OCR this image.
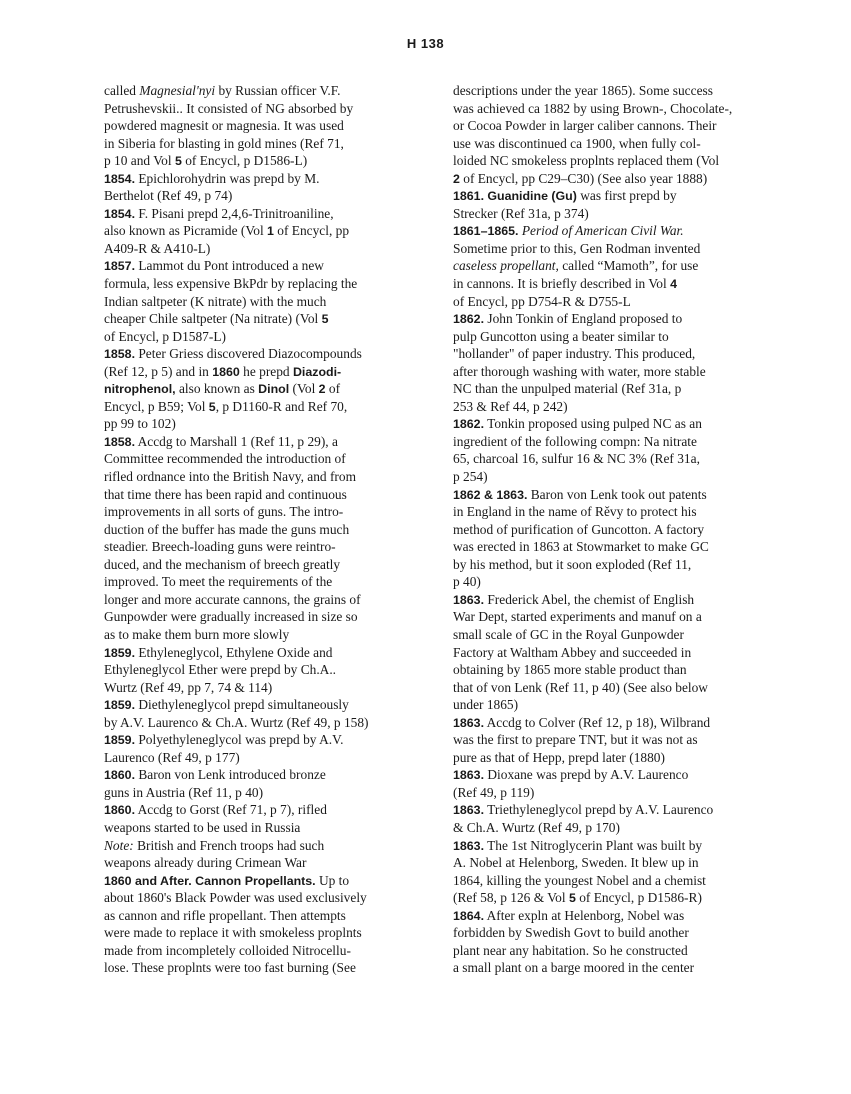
H 138
called Magnesial'nyi by Russian officer V.F.
Petrushevskii.. It consisted of NG absorbed by
powdered magnesit or magnesia. It was used
in Siberia for blasting in gold mines (Ref 71,
p 10 and Vol 5 of Encycl, p D1586-L)
1854. Epichlorohydrin was prepd by M.
Berthelot (Ref 49, p 74)
1854. F. Pisani prepd 2,4,6-Trinitroaniline,
also known as Picramide (Vol 1 of Encycl, pp
A409-R & A410-L)
1857. Lammot du Pont introduced a new
formula, less expensive BkPdr by replacing the
Indian saltpeter (K nitrate) with the much
cheaper Chile saltpeter (Na nitrate) (Vol 5
of Encycl, p D1587-L)
1858. Peter Griess discovered Diazocompounds
(Ref 12, p 5) and in 1860 he prepd Diazodi-
nitrophenol, also known as Dinol (Vol 2 of
Encycl, p B59; Vol 5, p D1160-R and Ref 70,
pp 99 to 102)
1858. Accdg to Marshall 1 (Ref 11, p 29), a
Committee recommended the introduction of
rifled ordnance into the British Navy, and from
that time there has been rapid and continuous
improvements in all sorts of guns. The intro-
duction of the buffer has made the guns much
steadier. Breech-loading guns were reintro-
duced, and the mechanism of breech greatly
improved. To meet the requirements of the
longer and more accurate cannons, the grains of
Gunpowder were gradually increased in size so
as to make them burn more slowly
1859. Ethyleneglycol, Ethylene Oxide and
Ethyleneglycol Ether were prepd by Ch.A..
Wurtz (Ref 49, pp 7, 74 & 114)
1859. Diethyleneglycol prepd simultaneously
by A.V. Laurenco & Ch.A. Wurtz (Ref 49, p 158)
1859. Polyethyleneglycol was prepd by A.V.
Laurenco (Ref 49, p 177)
1860. Baron von Lenk introduced bronze
guns in Austria (Ref 11, p 40)
1860. Accdg to Gorst (Ref 71, p 7), rifled
weapons started to be used in Russia
Note: British and French troops had such
weapons already during Crimean War
1860 and After. Cannon Propellants. Up to
about 1860's Black Powder was used exclusively
as cannon and rifle propellant. Then attempts
were made to replace it with smokeless proplnts
made from incompletely colloided Nitrocellu-
lose. These proplnts were too fast burning (See
descriptions under the year 1865). Some success
was achieved ca 1882 by using Brown-, Chocolate-,
or Cocoa Powder in larger caliber cannons. Their
use was discontinued ca 1900, when fully col-
loided NC smokeless proplnts replaced them (Vol
2 of Encycl, pp C29–C30) (See also year 1888)
1861. Guanidine (Gu) was first prepd by
Strecker (Ref 31a, p 374)
1861–1865. Period of American Civil War.
Sometime prior to this, Gen Rodman invented
caseless propellant, called “Mamoth”, for use
in cannons. It is briefly described in Vol 4
of Encycl, pp D754-R & D755-L
1862. John Tonkin of England proposed to
pulp Guncotton using a beater similar to
"hollander" of paper industry. This produced,
after thorough washing with water, more stable
NC than the unpulped material (Ref 31a, p
253 & Ref 44, p 242)
1862. Tonkin proposed using pulped NC as an
ingredient of the following compn: Na nitrate
65, charcoal 16, sulfur 16 & NC 3% (Ref 31a,
p 254)
1862 & 1863. Baron von Lenk took out patents
in England in the name of Rěvy to protect his
method of purification of Guncotton. A factory
was erected in 1863 at Stowmarket to make GC
by his method, but it soon exploded (Ref 11,
p 40)
1863. Frederick Abel, the chemist of English
War Dept, started experiments and manuf on a
small scale of GC in the Royal Gunpowder
Factory at Waltham Abbey and succeeded in
obtaining by 1865 more stable product than
that of von Lenk (Ref 11, p 40) (See also below
under 1865)
1863. Accdg to Colver (Ref 12, p 18), Wilbrand
was the first to prepare TNT, but it was not as
pure as that of Hepp, prepd later (1880)
1863. Dioxane was prepd by A.V. Laurenco
(Ref 49, p 119)
1863. Triethyleneglycol prepd by A.V. Laurenco
& Ch.A. Wurtz (Ref 49, p 170)
1863. The 1st Nitroglycerin Plant was built by
A. Nobel at Helenborg, Sweden. It blew up in
1864, killing the youngest Nobel and a chemist
(Ref 58, p 126 & Vol 5 of Encycl, p D1586-R)
1864. After expln at Helenborg, Nobel was
forbidden by Swedish Govt to build another
plant near any habitation. So he constructed
a small plant on a barge moored in the center
